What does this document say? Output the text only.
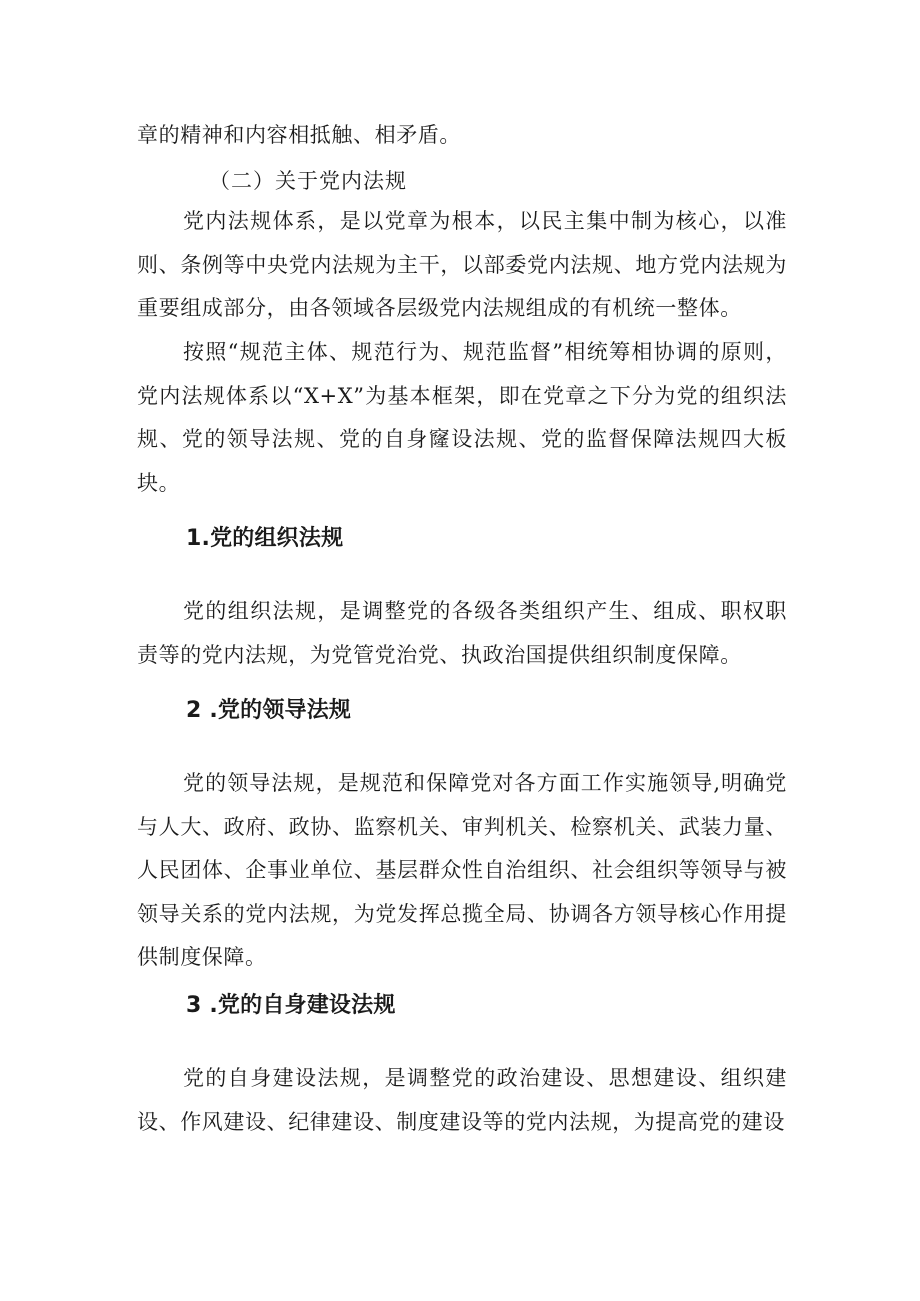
章的精神和内容相抵触、相矛盾。

（二）关于党内法规

党内法规体系，是以党章为根本，以民主集中制为核心，以准则、条例等中央党内法规为主干，以部委党内法规、地方党内法规为重要组成部分，由各领域各层级党内法规组成的有机统一整体。

按照“规范主体、规范行为、规范监督”相统筹相协调的原则，党内法规体系以“X+X”为基本框架，即在党章之下分为党的组织法规、党的领导法规、党的自身窿设法规、党的监督保障法规四大板块。

1.党的组织法规

党的组织法规，是调整党的各级各类组织产生、组成、职权职责等的党内法规，为党管党治党、执政治国提供组织制度保障。

2 .党的领导法规

党的领导法规，是规范和保障党对各方面工作实施领导,明确党与人大、政府、政协、监察机关、审判机关、检察机关、武装力量、人民团体、企事业单位、基层群众性自治组织、社会组织等领导与被领导关系的党内法规，为党发挥总揽全局、协调各方领导核心作用提供制度保障。

3 .党的自身建设法规

党的自身建设法规，是调整党的政治建设、思想建设、组织建设、作风建设、纪律建设、制度建设等的党内法规，为提高党的建设
